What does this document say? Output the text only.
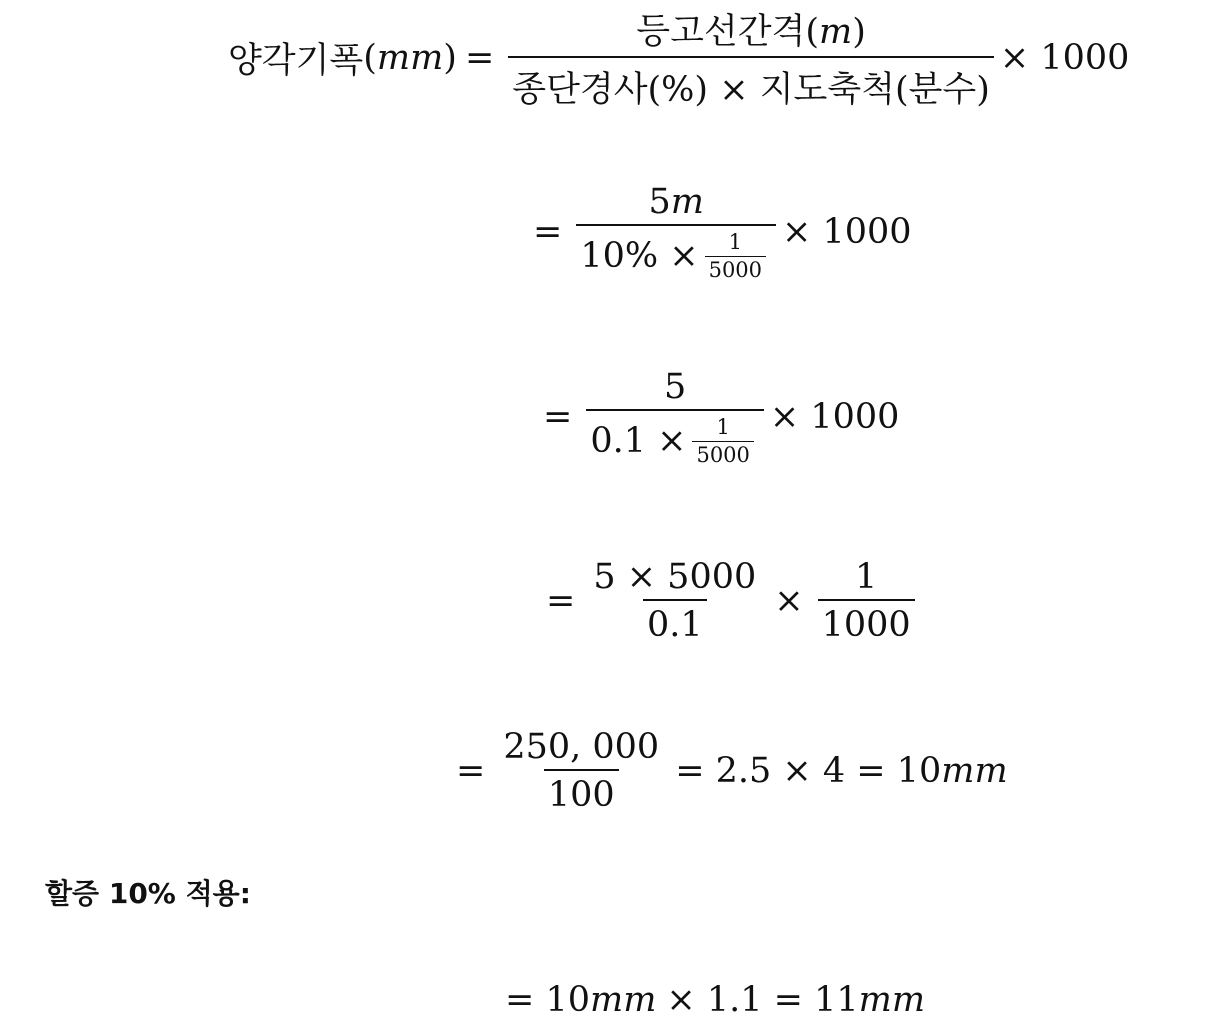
양각기폭 ( mm ) = $\frac{\text{등고선간격(m)}}{\text{종단경사(\%) × 지도축척(분수)}} \times 1000$
= $\frac{5m}{10\% \times \frac{1}{5000}} \times 1000$
= $\frac{5}{0.1 \times \frac{1}{5000}} \times 1000$
= $\frac{5 \times 5000}{0.1} \times \frac{1}{1000}$
= $\frac{250, 000}{100} = 2.5 \times 4 = 10$ mm
할증 10% 적용:
= 10 mm × 1.1 = 11 mm
